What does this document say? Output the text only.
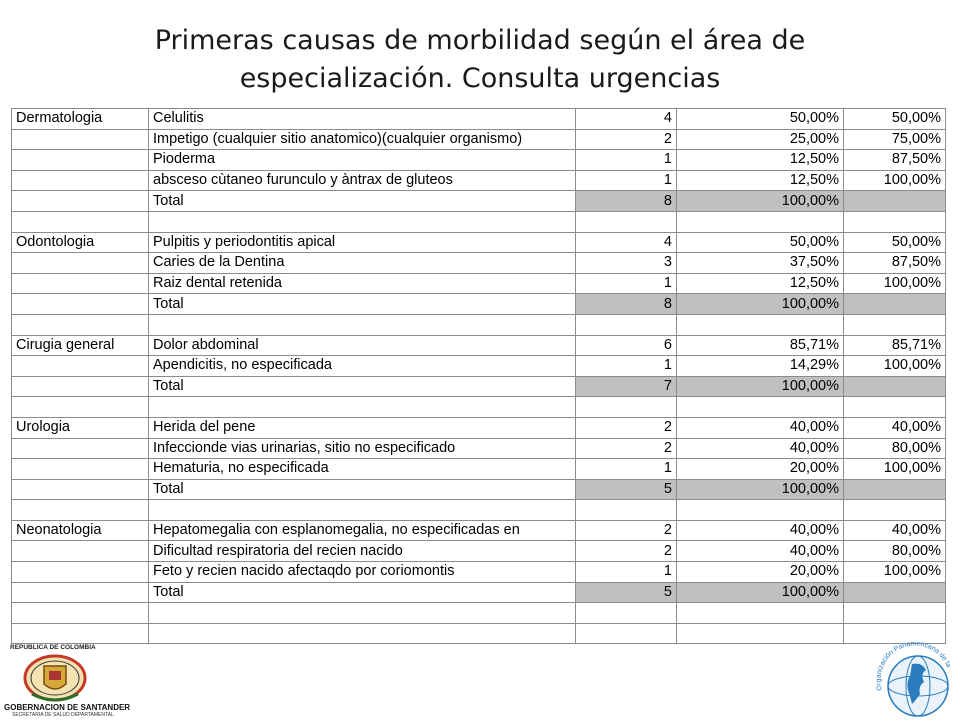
Primeras causas de morbilidad según el área de
especialización. Consulta urgencias
Dermatologia	Celulitis	4	50,00%	50,00%
	Impetigo (cualquier sitio anatomico)(cualquier organismo)	2	25,00%	75,00%
	Pioderma	1	12,50%	87,50%
	absceso cùtaneo furunculo y àntrax de gluteos	1	12,50%	100,00%
	Total	8	100,00%	

Odontologia	Pulpitis y periodontitis apical	4	50,00%	50,00%
	Caries de la Dentina	3	37,50%	87,50%
	Raiz dental retenida	1	12,50%	100,00%
	Total	8	100,00%	

Cirugia general	Dolor abdominal	6	85,71%	85,71%
	Apendicitis, no especificada	1	14,29%	100,00%
	Total	7	100,00%	

Urologia	Herida del pene	2	40,00%	40,00%
	Infeccionde vias urinarias, sitio no especificado	2	40,00%	80,00%
	Hematuria, no especificada	1	20,00%	100,00%
	Total	5	100,00%	

Neonatologia	Hepatomegalia con esplanomegalia, no especificadas en	2	40,00%	40,00%
	Dificultad respiratoria del recien nacido	2	40,00%	80,00%
	Feto y recien nacido afectaqdo por coriomontis	1	20,00%	100,00%
	Total	5	100,00%	

REPUBLICA DE COLOMBIA
GOBERNACION DE SANTANDER
SECRETARIA DE SALUD DEPARTAMENTAL
Organización Panamericana de la
